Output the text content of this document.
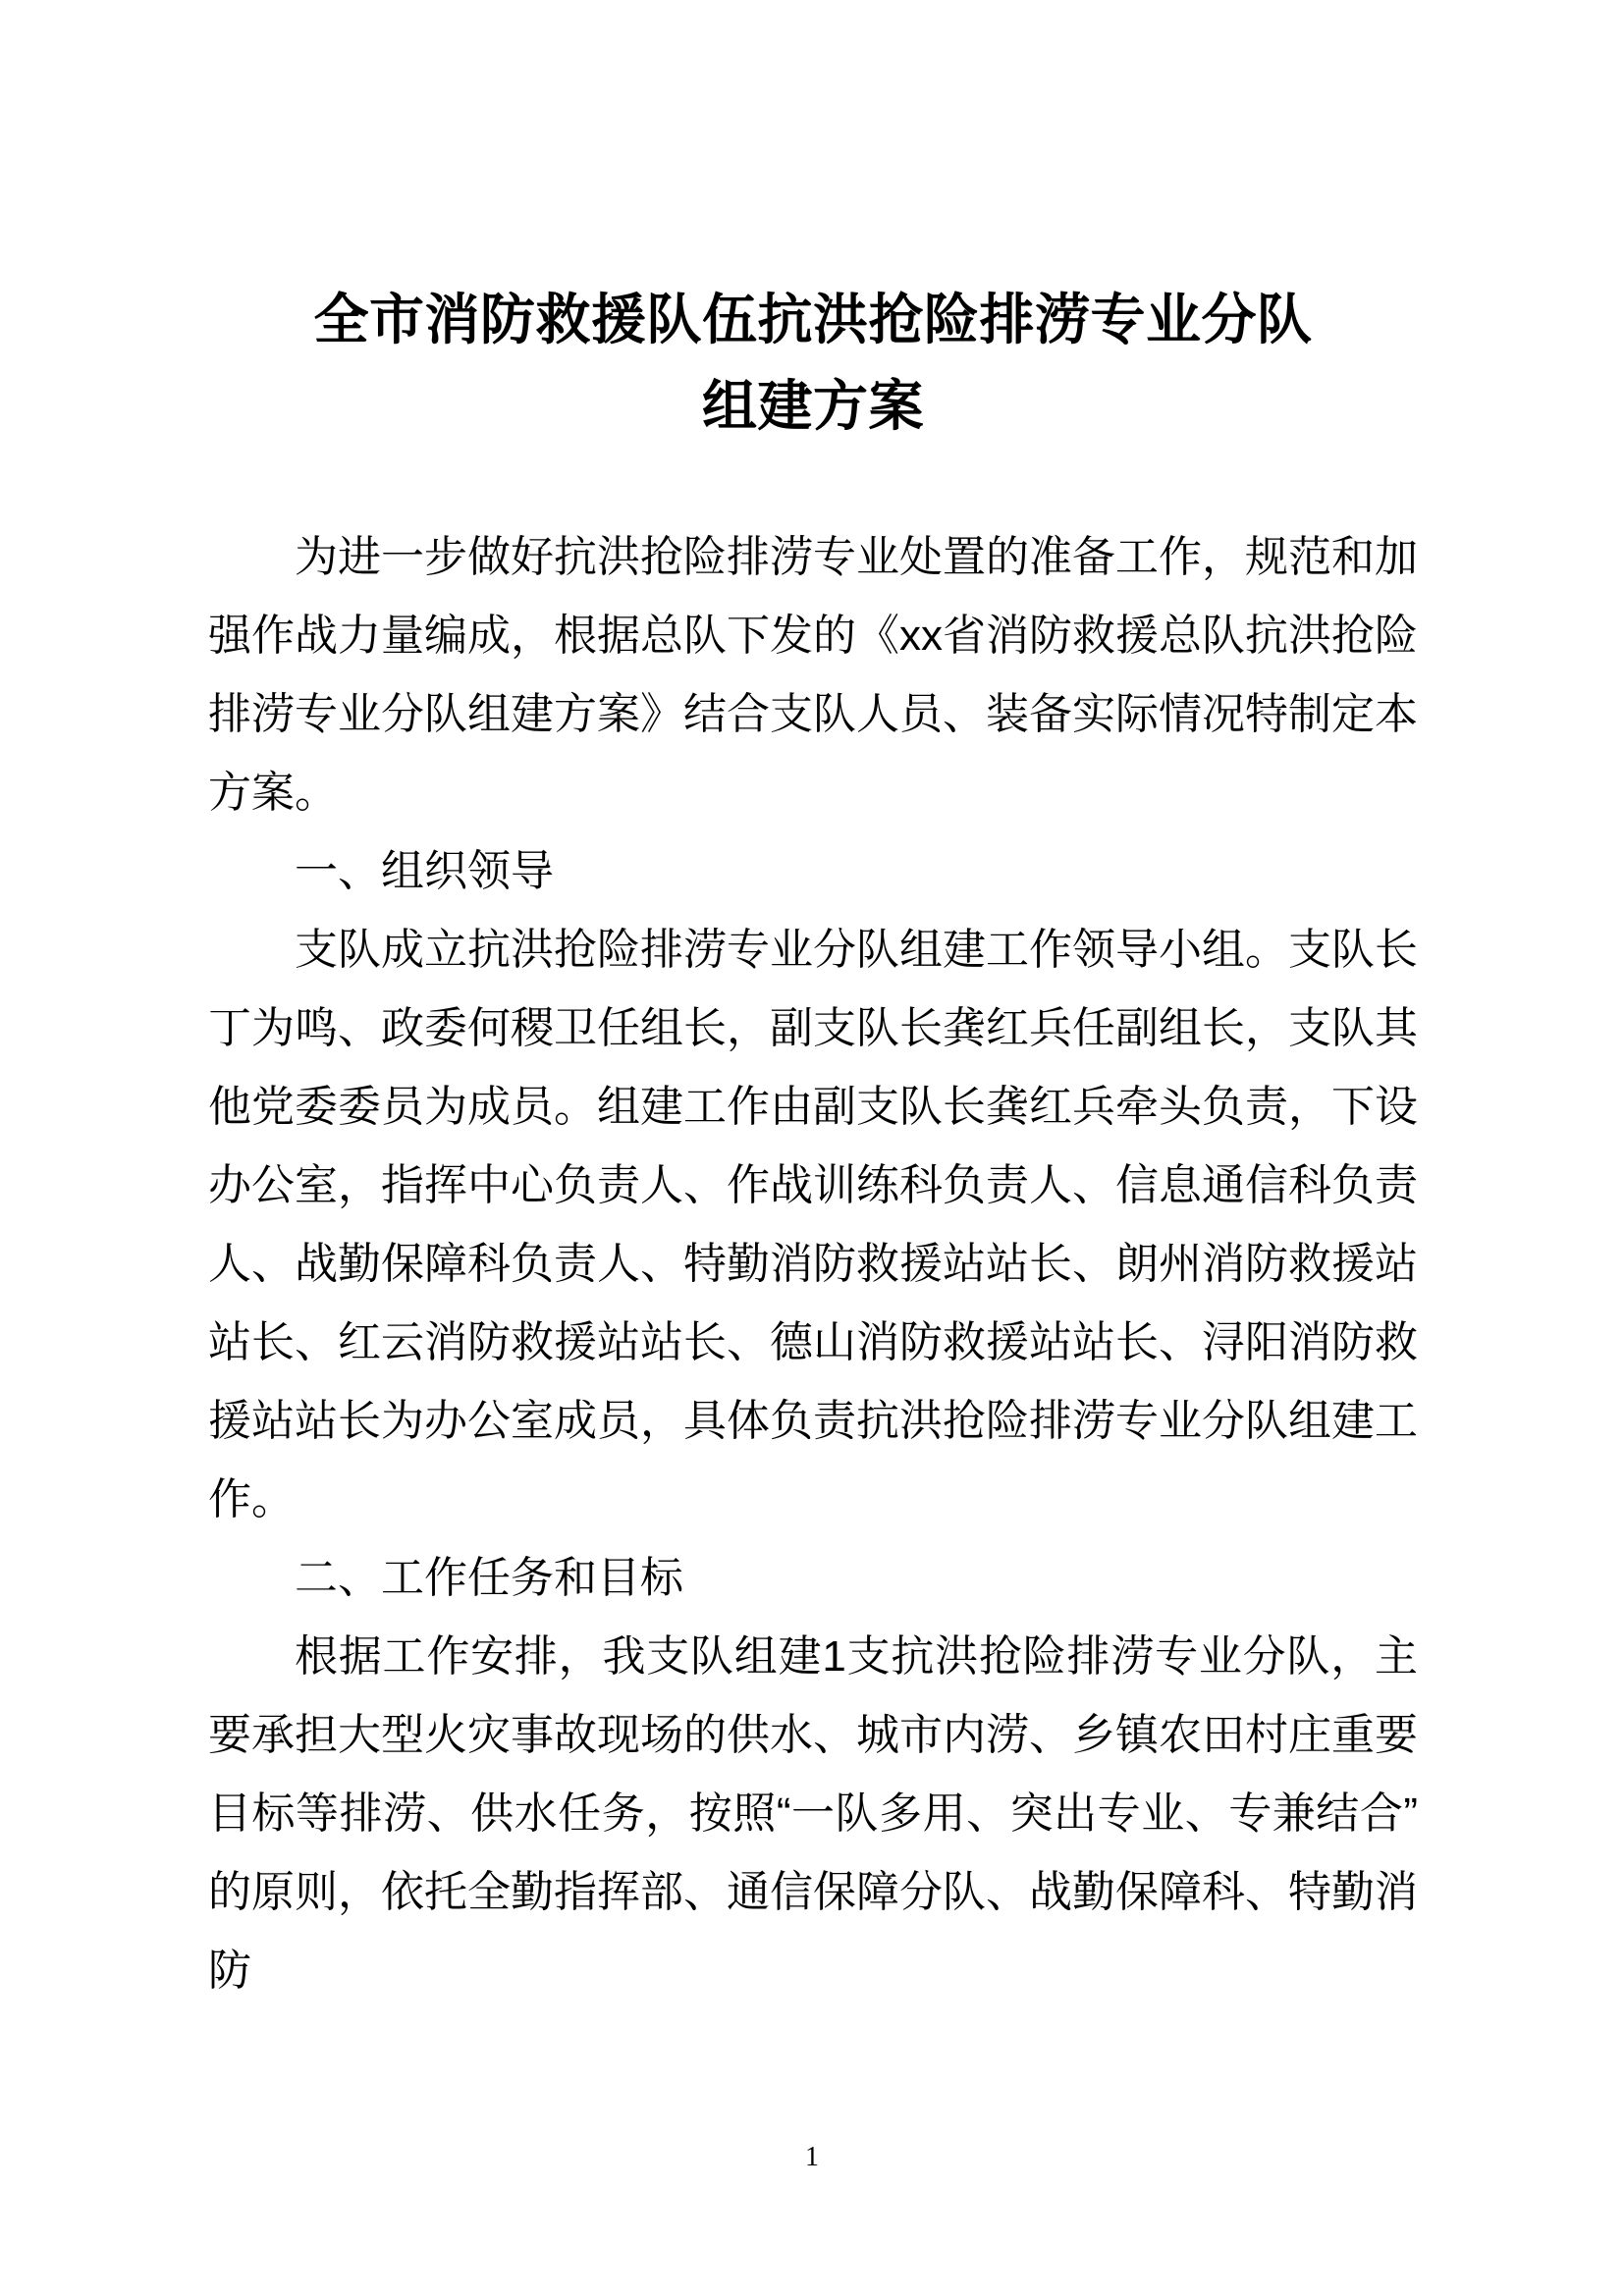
全市消防救援队伍抗洪抢险排涝专业分队
组建方案

为进一步做好抗洪抢险排涝专业处置的准备工作，规范和加强作战力量编成，根据总队下发的《xx省消防救援总队抗洪抢险排涝专业分队组建方案》结合支队人员、装备实际情况特制定本方案。

一、组织领导

支队成立抗洪抢险排涝专业分队组建工作领导小组。支队长丁为鸣、政委何稷卫任组长，副支队长龚红兵任副组长，支队其他党委委员为成员。组建工作由副支队长龚红兵牵头负责，下设办公室，指挥中心负责人、作战训练科负责人、信息通信科负责人、战勤保障科负责人、特勤消防救援站站长、朗州消防救援站站长、红云消防救援站站长、德山消防救援站站长、浔阳消防救援站站长为办公室成员，具体负责抗洪抢险排涝专业分队组建工作。

二、工作任务和目标

根据工作安排，我支队组建1支抗洪抢险排涝专业分队，主要承担大型火灾事故现场的供水、城市内涝、乡镇农田村庄重要目标等排涝、供水任务，按照“一队多用、突出专业、专兼结合”的原则，依托全勤指挥部、通信保障分队、战勤保障科、特勤消防

1
